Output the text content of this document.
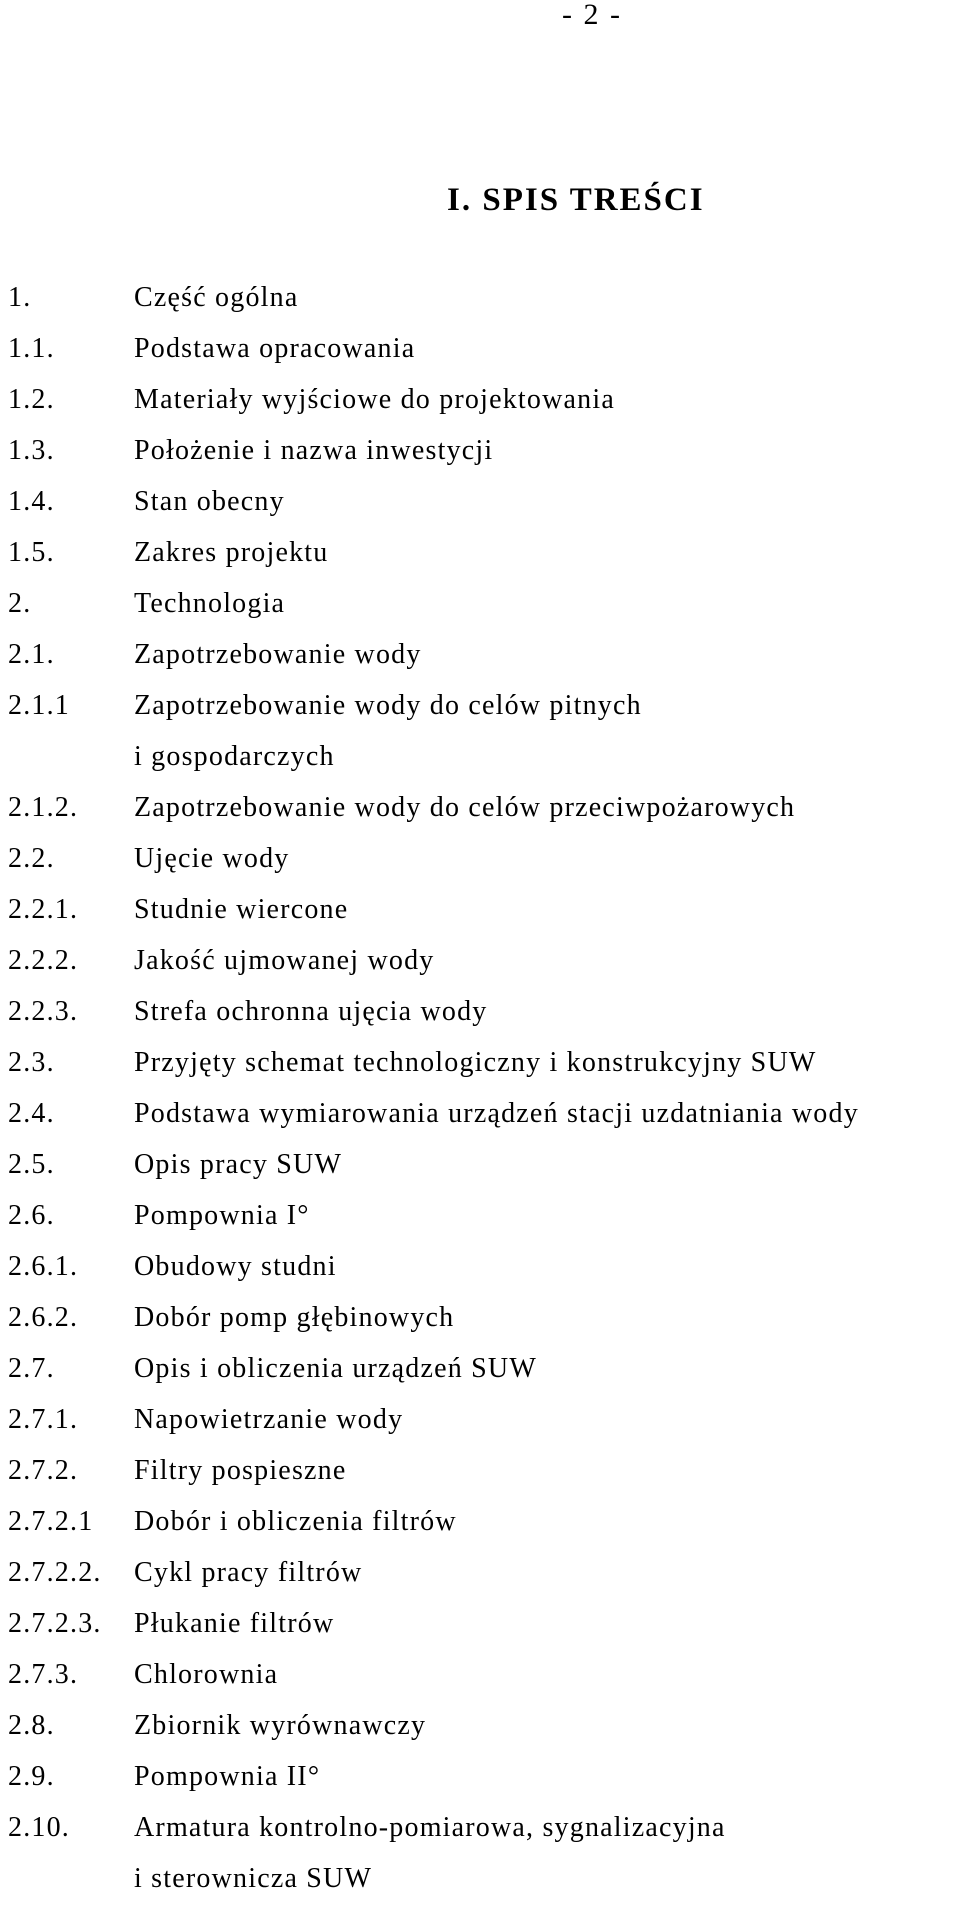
- 2 -
I. SPIS TREŚCI
1.	Część ogólna
1.1.	Podstawa opracowania
1.2.	Materiały wyjściowe do projektowania
1.3.	Położenie i nazwa inwestycji
1.4.	Stan obecny
1.5.	Zakres projektu
2.	Technologia
2.1.	Zapotrzebowanie wody
2.1.1	Zapotrzebowanie wody do celów pitnych
i gospodarczych
2.1.2.	Zapotrzebowanie wody do celów przeciwpożarowych
2.2.	Ujęcie wody
2.2.1.	Studnie wiercone
2.2.2.	Jakość ujmowanej wody
2.2.3.	Strefa ochronna ujęcia wody
2.3.	Przyjęty schemat technologiczny i konstrukcyjny SUW
2.4.	Podstawa wymiarowania urządzeń stacji uzdatniania wody
2.5.	Opis pracy SUW
2.6.	Pompownia I°
2.6.1.	Obudowy studni
2.6.2.	Dobór pomp głębinowych
2.7.	Opis i obliczenia urządzeń SUW
2.7.1.	Napowietrzanie wody
2.7.2.	Filtry pospieszne
2.7.2.1	Dobór i obliczenia filtrów
2.7.2.2.	Cykl pracy filtrów
2.7.2.3.	Płukanie filtrów
2.7.3.	Chlorownia
2.8.	Zbiornik wyrównawczy
2.9.	Pompownia II°
2.10.	Armatura kontrolno-pomiarowa, sygnalizacyjna
i sterownicza SUW
